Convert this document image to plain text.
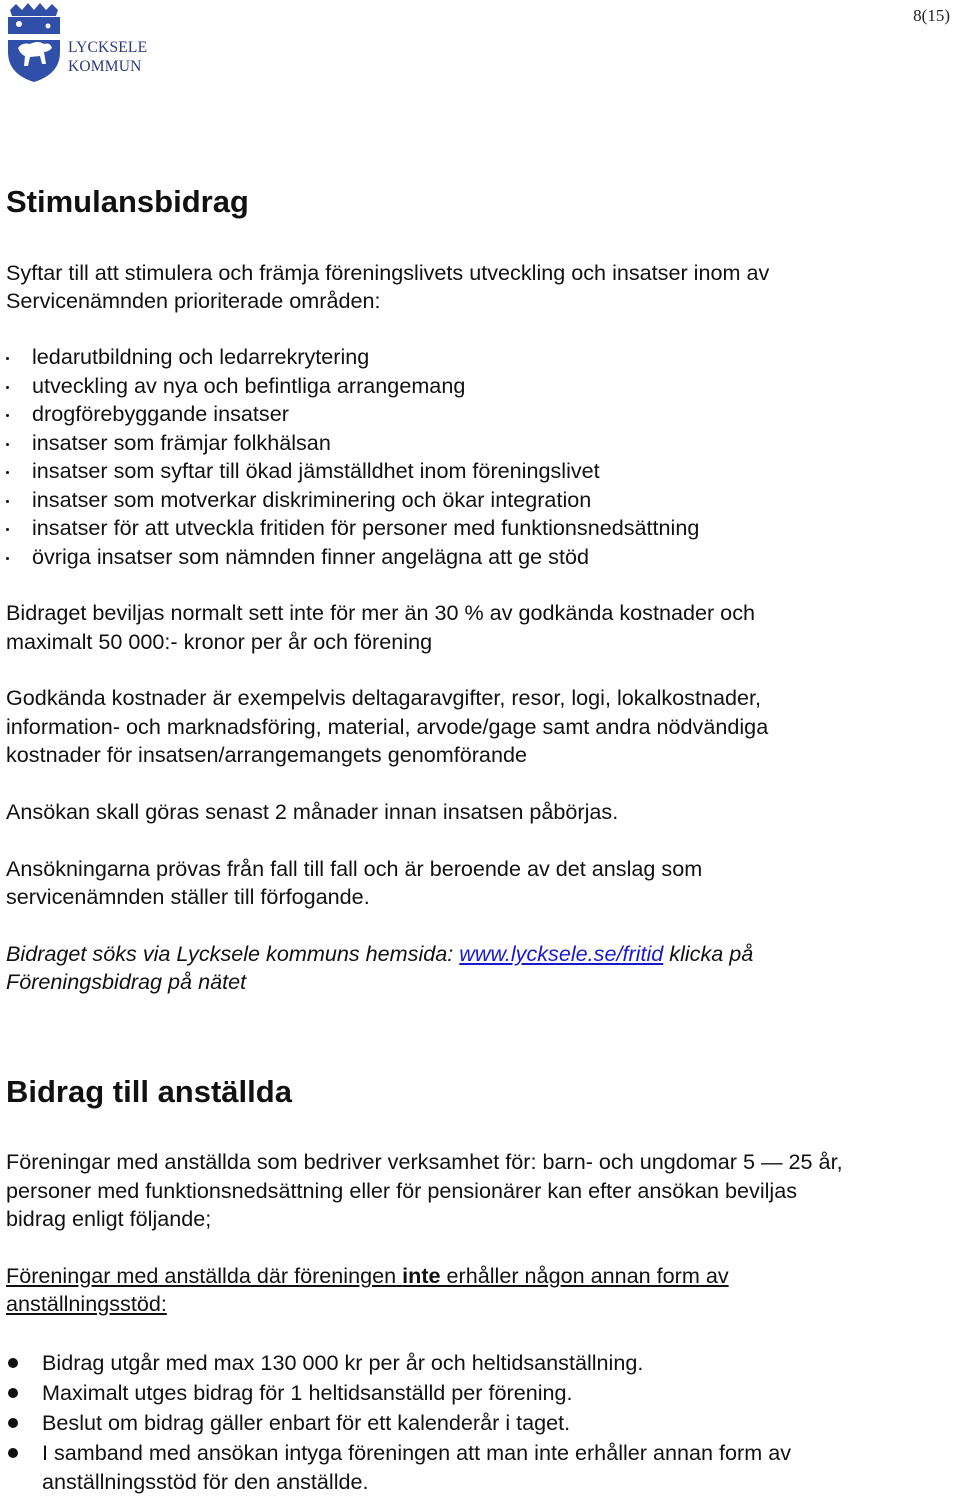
8(15)
LYCKSELE
KOMMUN
Stimulansbidrag

Syftar till att stimulera och främja föreningslivets utveckling och insatser inom av

Servicenämnden prioriterade områden:

ledarutbildning och ledarrekrytering
utveckling av nya och befintliga arrangemang
drogförebyggande insatser
insatser som främjar folkhälsan
insatser som syftar till ökad jämställdhet inom föreningslivet
insatser som motverkar diskriminering och ökar integration
insatser för att utveckla fritiden för personer med funktionsnedsättning
övriga insatser som nämnden finner angelägna att ge stöd

Bidraget beviljas normalt sett inte för mer än 30 % av godkända kostnader och

maximalt 50 000:- kronor per år och förening

Godkända kostnader är exempelvis deltagaravgifter, resor, logi, lokalkostnader,

information- och marknadsföring, material, arvode/gage samt andra nödvändiga

kostnader för insatsen/arrangemangets genomförande

Ansökan skall göras senast 2 månader innan insatsen påbörjas.

Ansökningarna prövas från fall till fall och är beroende av det anslag som

servicenämnden ställer till förfogande.

Bidraget söks via Lycksele kommuns hemsida: www.lycksele.se/fritid klicka på

Föreningsbidrag på nätet

Bidrag till anställda

Föreningar med anställda som bedriver verksamhet för: barn- och ungdomar 5 — 25 år,

personer med funktionsnedsättning eller för pensionärer kan efter ansökan beviljas

bidrag enligt följande;

Föreningar med anställda där föreningen inte erhåller någon annan form av

anställningsstöd:

Bidrag utgår med max 130 000 kr per år och heltidsanställning.
Maximalt utges bidrag för 1 heltidsanställd per förening.
Beslut om bidrag gäller enbart för ett kalenderår i taget.
I samband med ansökan intyga föreningen att man inte erhåller annan form av

anställningsstöd för den anställde.
